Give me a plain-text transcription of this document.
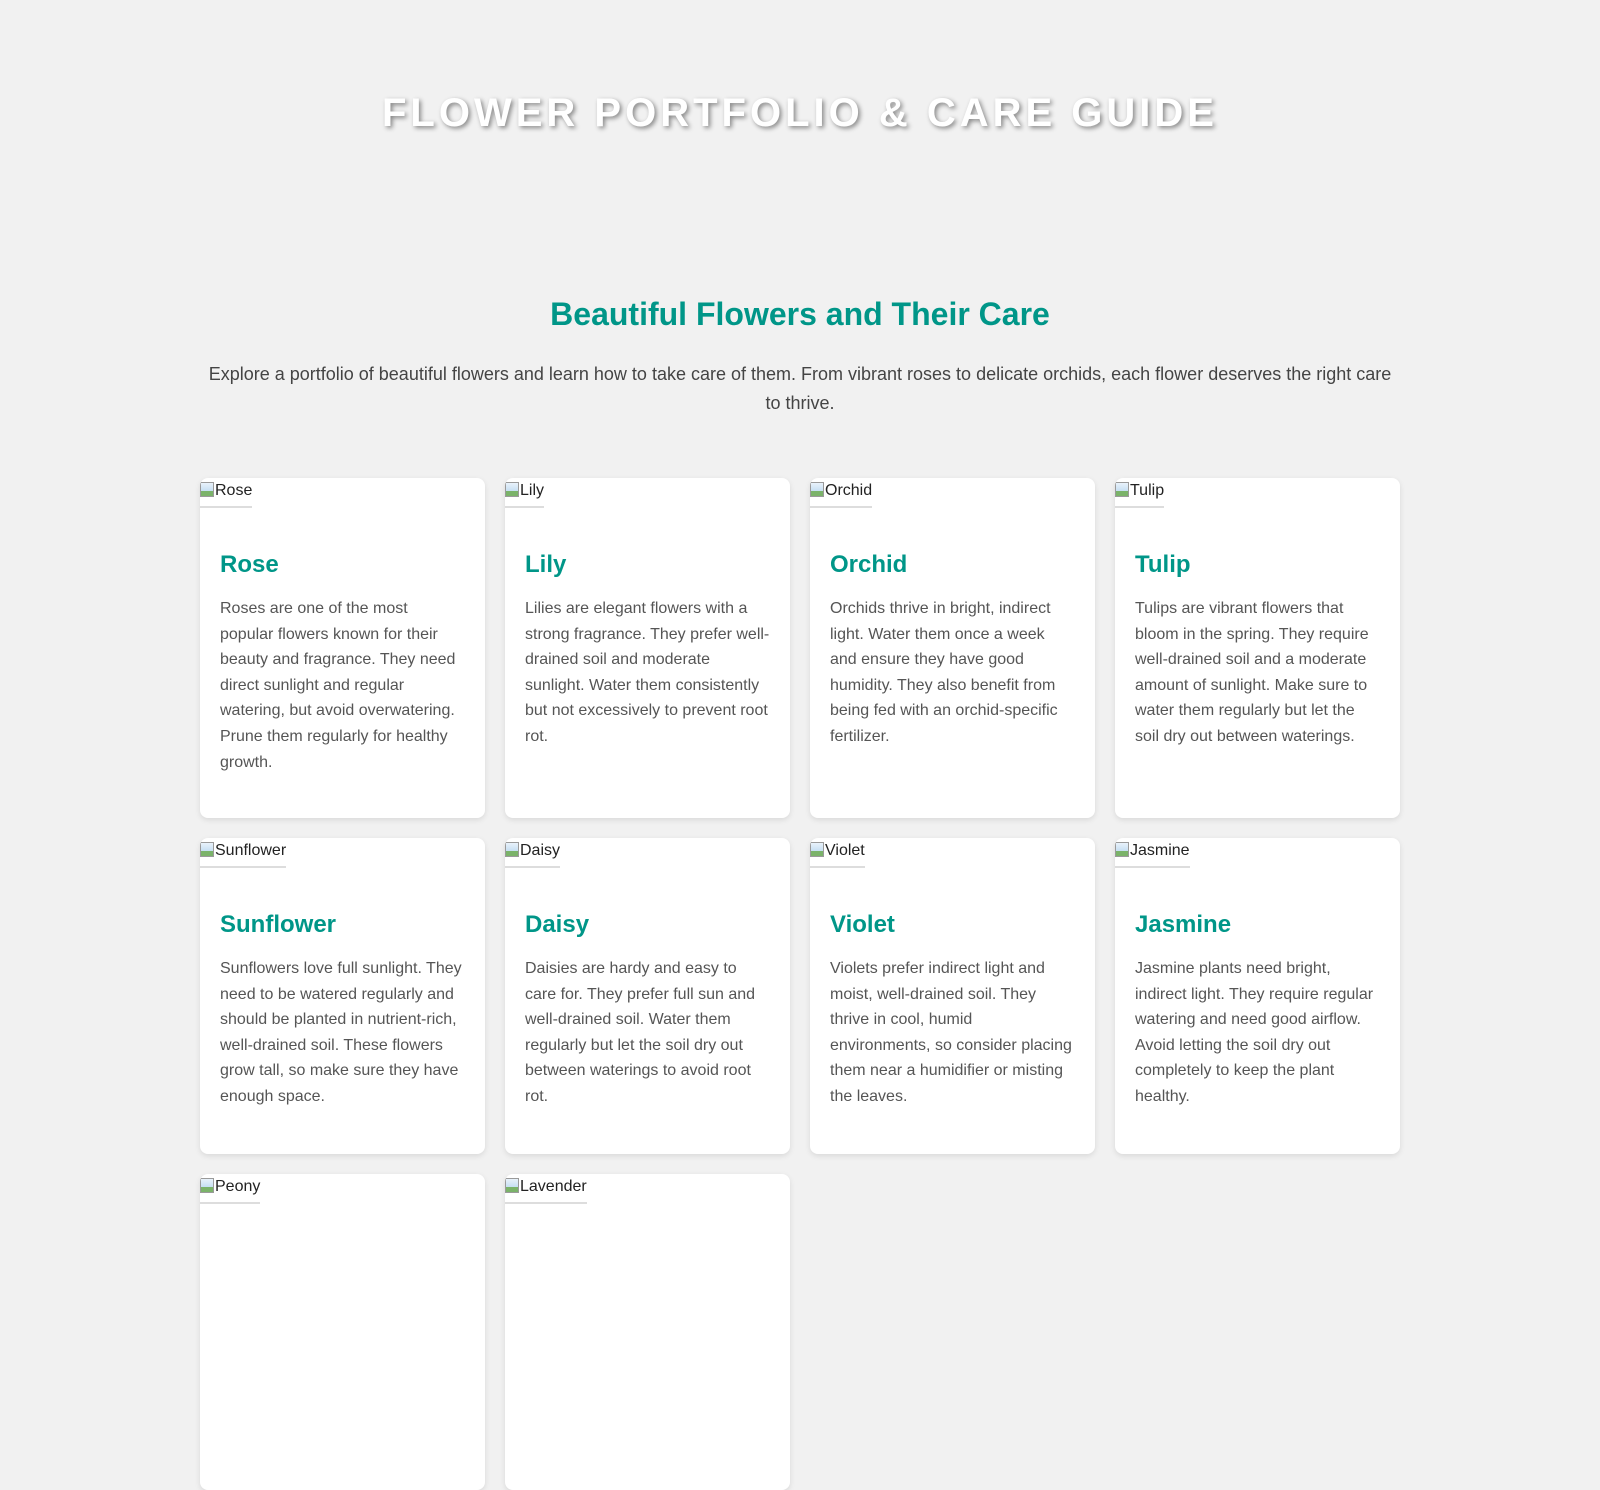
FLOWER PORTFOLIO & CARE GUIDE
Beautiful Flowers and Their Care

Explore a portfolio of beautiful flowers and learn how to take care of them. From vibrant roses to delicate orchids, each flower deserves the right care to thrive.

Rose
Rose

Roses are one of the most popular flowers known for their beauty and fragrance. They need direct sunlight and regular watering, but avoid overwatering. Prune them regularly for healthy growth.

Lily
Lily

Lilies are elegant flowers with a strong fragrance. They prefer well-drained soil and moderate sunlight. Water them consistently but not excessively to prevent root rot.

Orchid
Orchid

Orchids thrive in bright, indirect light. Water them once a week and ensure they have good humidity. They also benefit from being fed with an orchid-specific fertilizer.

Tulip
Tulip

Tulips are vibrant flowers that bloom in the spring. They require well-drained soil and a moderate amount of sunlight. Make sure to water them regularly but let the soil dry out between waterings.

Sunflower
Sunflower

Sunflowers love full sunlight. They need to be watered regularly and should be planted in nutrient-rich, well-drained soil. These flowers grow tall, so make sure they have enough space.

Daisy
Daisy

Daisies are hardy and easy to care for. They prefer full sun and well-drained soil. Water them regularly but let the soil dry out between waterings to avoid root rot.

Violet
Violet

Violets prefer indirect light and moist, well-drained soil. They thrive in cool, humid environments, so consider placing them near a humidifier or misting the leaves.

Jasmine
Jasmine

Jasmine plants need bright, indirect light. They require regular watering and need good airflow. Avoid letting the soil dry out completely to keep the plant healthy.

Peony	Lavender
